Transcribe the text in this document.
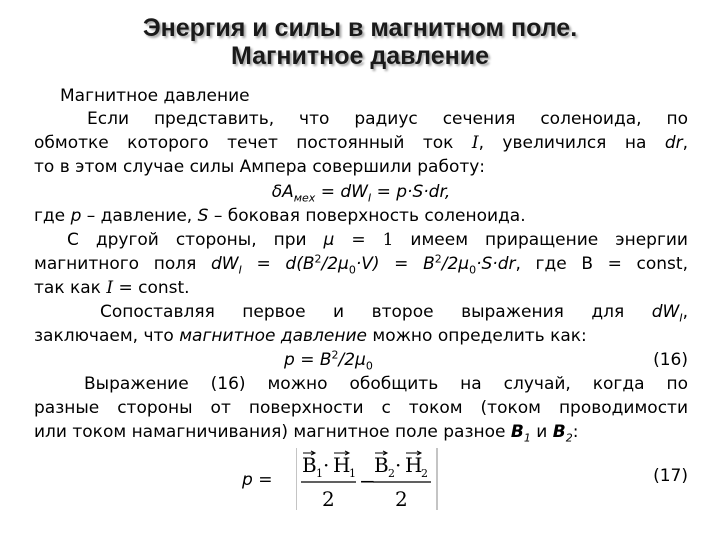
Энергия и силы в магнитном поле.
Магнитное давление
Магнитное давление
Если представить, что радиус сечения соленоида, по
обмотке которого течет постоянный ток I, увеличился на dr,
то в этом случае силы Ампера совершили работу:
$\delta A_{мех} = dW_I = p\cdot S\cdot dr$,
где p – давление, S – боковая поверхность соленоида.
С другой стороны, при μ = 1 имеем приращение энергии
магнитного поля $dW_I = d(B^2/2\mu_0\cdot V) = B^2/2\mu_0\cdot S\cdot dr$, где B = const,
так как I = const.
Сопоставляя первое и второе выражения для $dW_I$,
заключаем, что магнитное давление можно определить как:
$p = B^2/2\mu_0$	(16)
Выражение (16) можно обобщить на случай, когда по
разные стороны от поверхности с током (током проводимости
или током намагничивания) магнитное поле разное $B_1$ и $B_2$:
p =	(17)
B 1 · H
1
2
−
B 2 · H
2
2
